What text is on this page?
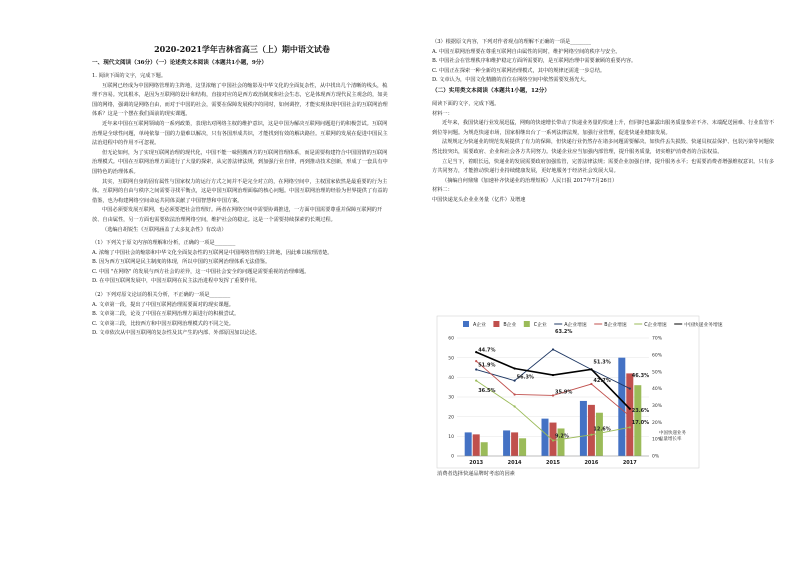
2020-2021学年吉林省高三（上）期中语文试卷

一、现代文阅读（36分）（一）论述类文本阅读（本题共1小题，9分）

1. 阅读下面的文字，完成下题。

互联网已经成为中国网络管理的主阵地，这里浓缩了中国社会的缩影及中华文化的全面复杂性，从中找出几个清晰的线头，梳理不容易。究其根本，是因为互联网的设计和结构，直接对应的是西方政治制度和社会生态，它是体现西方现代民主观念的，如美国的网络，强调的是网络自由，而对于中国的社会，需要在保障发展秩序的同时，如何调控，才能实现体现中国社会的互联网治理体系？这是一个摆在我们面前的现实课题。

近年来中国在互联网领域的一系列政策，表现出对网络主权的维护意识，这是中国为解决互联网问题进行的积极尝试。互联网治理是全球性问题，单纯依靠一国的力量难以解决，只有各国形成共识，才能找到有效的解决路径。互联网的发展在促进中国民主法治进程中的作用不可忽视。

但无论如何，为了实现互联网治理的现代化，中国不能一味照搬西方的互联网管理体系，而是需要构建符合中国国情的互联网治理模式。中国在互联网治理方面进行了大量的探索，从完善法律法规，到加强行业自律，再到推动技术创新，形成了一套具有中国特色的治理体系。

其实，互联网自身的固有属性与国家权力的运行方式之间并不是完全对立的，在网络空间中，主权国家依然是最重要的行为主体。互联网的自由与秩序之间需要寻找平衡点，这是中国互联网治理面临的核心问题。中国互联网治理的经验为世界提供了有益的借鉴，也为构建网络空间命运共同体贡献了中国智慧和中国方案。

中国必须要发展互联网，也必须要把社会管理好。两者在网络空间中需要协调推进，一方面中国需要尊重并保障互联网的开放、自由属性，另一方面也需要依法治理网络空间，维护社会的稳定。这是一个需要持续探索的长期过程。

（选编自胡锐生《互联网涵盖了太多复杂性》有改动）

（1）下列关于原文内容的理解和分析，正确的一项是________

A. 浓缩了中国社会的缩影和中华文化全面复杂性的互联网是中国网络管理的主阵地，因此难以梳理清楚。

B. 因为西方互联网是民主制度的体现，所以中国的互联网治理体系无法借鉴。

C. 中国 "在网络" 的发展与西方社会的差异，这一中国社会安全的问题是需要重视的治理难题。

D. 在中国互联网发展中，中国互联网在民主法治进程中发挥了重要作用。

（2）下列对原文论证的相关分析，不正确的一项是________

A. 文章第一段，提出了中国互联网治理需要面对的现实课题。

B. 文章第二段，论及了中国在互联网治理方面进行的积极尝试。

C. 文章第三段，比较西方和中国互联网治理模式的不同之处。

D. 文章依次从中国互联网的复杂性及其产生的内部、外部原因加以论述。

（3）根据原文内容，下列对作者观点的理解不正确的一项是________

A. 中国互联网治理要在尊重互联网自由属性的同时，维护网络空间的秩序与安全。

B. 中国社会在管理秩序和维护稳定方面所需要的，是互联网治理中需要兼顾的重要内容。

C. 中国正在探索一种全新的互联网治理模式，其中的规律还需进一步总结。

D. 文章认为，中国文化精髓的首位在网络空间中依然需要发扬光大。

（二）实用类文本阅读（本题共1小题，12分）

阅读下面的文字，完成下题。

材料一：

近年来，我国快递行业发展迅猛，网购的快速增长带动了快递业务量的快速上升，但同时也暴露出服务质量参差不齐、末端配送困难、行业监管不到位等问题。为规范快递市场，国家相继出台了一系列法律法规，加强行业管理，促进快递业健康发展。

法规规定为快递业的规范发展提供了有力的保障，但快递行业仍然存在诸多问题需要解决。如快件丢失损毁、快递员权益保护、包装污染等问题依然比较突出，需要政府、企业和社会各方共同努力。快递企业应当加强内部管理，提升服务质量，切实维护消费者的合法权益。

立足当下，着眼长远，快递业的发展需要政府加强监管，完善法律法规；需要企业加强自律，提升服务水平；也需要消费者增强维权意识。只有多方共同努力，才能推动快递行业持续健康发展，更好地服务于经济社会发展大局。

（摘编自何鼎鼎《加速补齐快递业的治理短板》人民日报 2017年7月26日）

材料二：

中国快递龙头企业业务量（亿件）及增速

A企业	B企业	C企业	A企业增速	B企业增速	C企业增速	中国快递业务增速
51.9%
56.3%
44.7%
36.5%
63.2%
35.9%
9.2%
51.3%
42.7%
12.6%
46.3%
23.6%
17.0%
0
10
20
30
40
50
60
0%
10%
20%
30%
40%
50%
60%
70%
2013	2014	2015	2016	2017
中国快递业务总量增长率

消费者选择快递品牌时考虑的因素
